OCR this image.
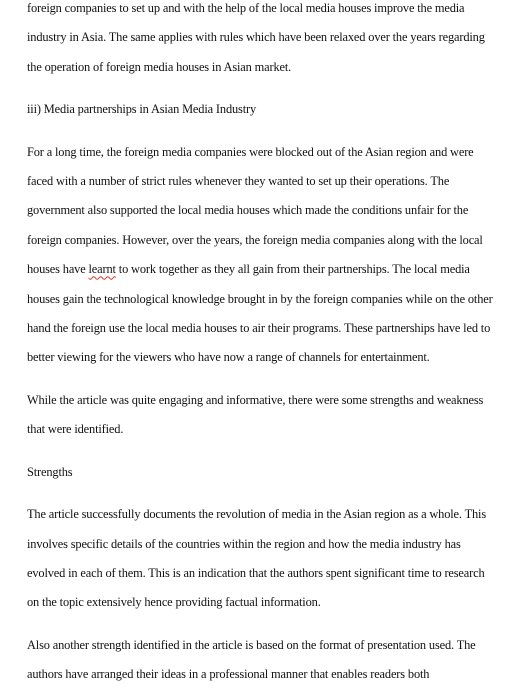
foreign companies to set up and with the help of the local media houses improve the media
industry in Asia. The same applies with rules which have been relaxed over the years regarding
the operation of foreign media houses in Asian market.

iii) Media partnerships in Asian Media Industry

For a long time, the foreign media companies were blocked out of the Asian region and were
faced with a number of strict rules whenever they wanted to set up their operations. The
government also supported the local media houses which made the conditions unfair for the
foreign companies. However, over the years, the foreign media companies along with the local
houses have learnt to work together as they all gain from their partnerships. The local media
houses gain the technological knowledge brought in by the foreign companies while on the other
hand the foreign use the local media houses to air their programs. These partnerships have led to
better viewing for the viewers who have now a range of channels for entertainment.

While the article was quite engaging and informative, there were some strengths and weakness
that were identified.

Strengths

The article successfully documents the revolution of media in the Asian region as a whole. This
involves specific details of the countries within the region and how the media industry has
evolved in each of them. This is an indication that the authors spent significant time to research
on the topic extensively hence providing factual information.

Also another strength identified in the article is based on the format of presentation used. The
authors have arranged their ideas in a professional manner that enables readers both
